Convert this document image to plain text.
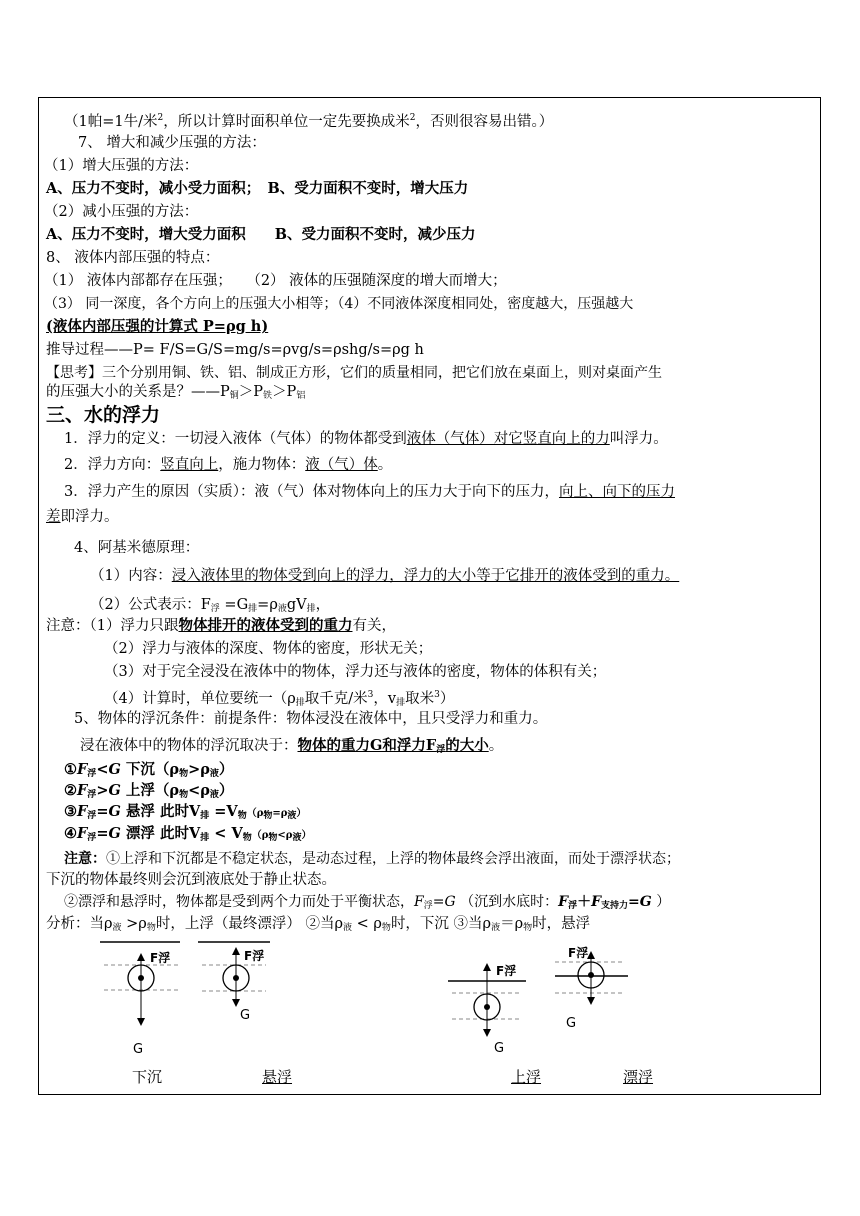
（1帕=1牛/米$^2$，所以计算时面积单位一定先要换成米$^2$，否则很容易出错。）
7、 增大和减少压强的方法：
（1）增大压强的方法：
A、压力不变时，减小受力面积；　B、受力面积不变时，增大压力
（2）减小压强的方法：
A、压力不变时，增大受力面积　　B、受力面积不变时，减少压力
8、 液体内部压强的特点：
（1） 液体内部都存在压强；　　（2） 液体的压强随深度的增大而增大；
（3） 同一深度，各个方向上的压强大小相等；（4）不同液体深度相同处，密度越大，压强越大
(液体内部压强的计算式 P=ρg h)
推导过程——P= F/S=G/S=mg/s=ρvg/s=ρshg/s=ρg h
【思考】三个分别用铜、铁、铝、制成正方形，它们的质量相同，把它们放在桌面上，则对桌面产生
的压强大小的关系是？$——P_铜>P_铁>P_铝$
三、水的浮力
1．浮力的定义：一切浸入液体（气体）的物体都受到液体（气体）对它竖直向上的力叫浮力。
2．浮力方向：竖直向上，施力物体：液（气）体。
3．浮力产生的原因（实质）：液（气）体对物体向上的压力大于向下的压力，向上、向下的压力
差即浮力。
4、阿基米德原理：
（1）内容：浸入液体里的物体受到向上的浮力，浮力的大小等于它排开的液体受到的重力。
（2）公式表示：$F_浮 =G_排=\rho_液gV_排$，
注意：（1）浮力只跟物体排开的液体受到的重力有关，
（2）浮力与液体的深度、物体的密度，形状无关；
（3）对于完全浸没在液体中的物体，浮力还与液体的密度，物体的体积有关；
（4）计算时，单位要统一（$\rho_排$取千克/米$^3$，$v_排$取米$^3$）
5、物体的浮沉条件：前提条件：物体浸没在液体中，且只受浮力和重力。
浸在液体中的物体的浮沉取决于：物体的重力G和浮力$F_浮$的大小。
$①F_浮<G$ 下沉$(\rho_物>\rho_液)$
$②F_浮>G$ 上浮$(\rho_物<\rho_液)$
$③F_浮=G$ 悬浮 此时$V_排 =V_物(\rho$物=ρ液）
$④F_浮=G$ 漂浮 此时$V_排 < V_物(\rho$物<ρ液）
注意：①上浮和下沉都是不稳定状态，是动态过程，上浮的物体最终会浮出液面，而处于漂浮状态；
下沉的物体最终则会沉到液底处于静止状态。
②漂浮和悬浮时，物体都是受到两个力而处于平衡状态，$F_浮=G$ （沉到水底时：$F_浮+F_{支持力}=G$ ）
分析：当$\rho_液 >\rho_物$时，上浮（最终漂浮） ②当$\rho_液 < \rho_物$时，下沉 ③当$\rho_液=\rho_物$时，悬浮
F浮
G
F浮
G
F浮
G
F浮
G
下沉	悬浮	上浮	漂浮
